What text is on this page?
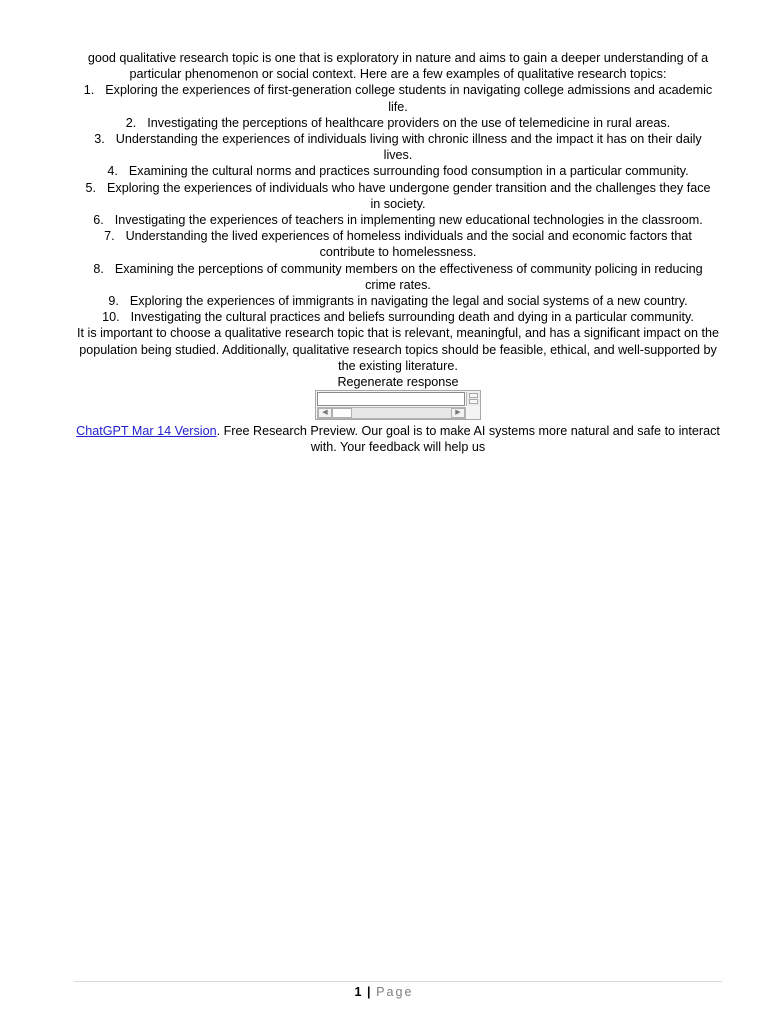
good qualitative research topic is one that is exploratory in nature and aims to gain a deeper understanding of a particular phenomenon or social context. Here are a few examples of qualitative research topics:

1. Exploring the experiences of first-generation college students in navigating college admissions and academic life.
2. Investigating the perceptions of healthcare providers on the use of telemedicine in rural areas.
3. Understanding the experiences of individuals living with chronic illness and the impact it has on their daily lives.
4. Examining the cultural norms and practices surrounding food consumption in a particular community.
5. Exploring the experiences of individuals who have undergone gender transition and the challenges they face in society.
6. Investigating the experiences of teachers in implementing new educational technologies in the classroom.
7. Understanding the lived experiences of homeless individuals and the social and economic factors that contribute to homelessness.
8. Examining the perceptions of community members on the effectiveness of community policing in reducing crime rates.
9. Exploring the experiences of immigrants in navigating the legal and social systems of a new country.
10. Investigating the cultural practices and beliefs surrounding death and dying in a particular community.

It is important to choose a qualitative research topic that is relevant, meaningful, and has a significant impact on the population being studied. Additionally, qualitative research topics should be feasible, ethical, and well-supported by the existing literature.

Regenerate response

◀	▶

ChatGPT Mar 14 Version. Free Research Preview. Our goal is to make AI systems more natural and safe to interact with. Your feedback will help us

1 | Page
